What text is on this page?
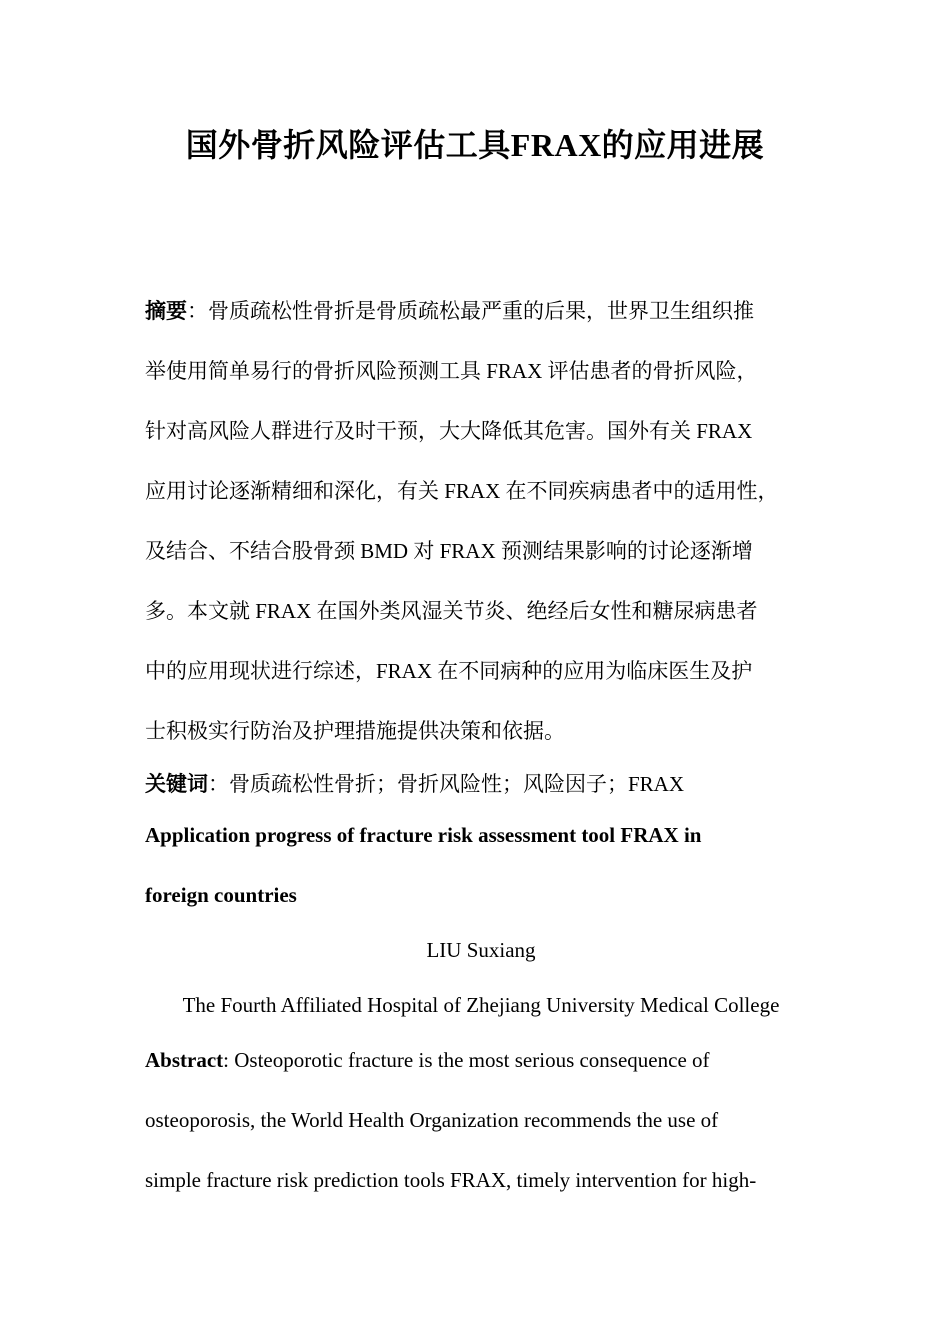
国外骨折风险评估工具FRAX的应用进展
摘要：骨质疏松性骨折是骨质疏松最严重的后果，世界卫生组织推
举使用简单易行的骨折风险预测工具 FRAX 评估患者的骨折风险，
针对高风险人群进行及时干预，大大降低其危害。国外有关 FRAX
应用讨论逐渐精细和深化，有关 FRAX 在不同疾病患者中的适用性，
及结合、不结合股骨颈 BMD 对 FRAX 预测结果影响的讨论逐渐增
多。本文就 FRAX 在国外类风湿关节炎、绝经后女性和糖尿病患者
中的应用现状进行综述，FRAX 在不同病种的应用为临床医生及护
士积极实行防治及护理措施提供决策和依据。
关键词：骨质疏松性骨折；骨折风险性；风险因子；FRAX
Application progress of fracture risk assessment tool FRAX in
foreign countries
LIU Suxiang
The Fourth Affiliated Hospital of Zhejiang University Medical College
Abstract: Osteoporotic fracture is the most serious consequence of
osteoporosis, the World Health Organization recommends the use of
simple fracture risk prediction tools FRAX, timely intervention for high-
